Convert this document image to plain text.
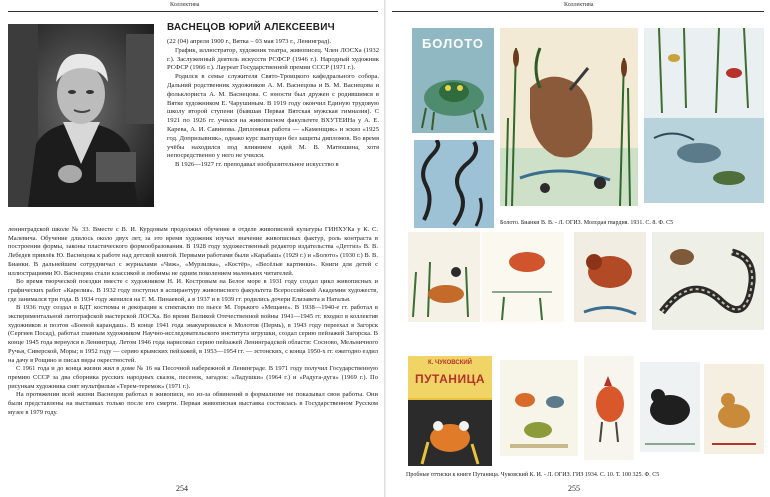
Коллектива
ВАСНЕЦОВ ЮРИЙ АЛЕКСЕЕВИЧ

(22 (04) апреля 1900 г., Вятка – 03 мая 1973 г., Ленинград).

График, иллюстратор, художник театра, живописец. Член ЛОСХа (1932 г.). Заслуженный деятель искусств РСФСР (1946 г.). Народный художник РСФСР (1966 г.). Лауреат Государственной премии СССР (1971 г.).

Родился в семье служителя Свято-Троицкого кафедрального собора. Дальний родственник художников А. М. Васнецова и В. М. Васнецова и фольклориста А. М. Васнецова. С юности был дружен с родившимся в Вятке художником Е. Чарушиным. В 1919 году окончил Единую трудовую школу второй ступени (бывшая Первая Вятская мужская гимназия). С 1921 по 1926 гг. учился на живописном факультете ВХУТЕИНа у А. Е. Карева, А. И. Савинова. Дипломная работа — «Каменщик» и эскиз «1925 год. Допризывник», однако курс выпущен без защиты дипломов. Во время учёбы находился под влиянием идей М. В. Матюшина, хотя непосредственно у него не учился.

В 1926—1927 гг. преподавал изобразительное искусство в

ленинградской школе № 33. Вместе с В. И. Курдовым продолжил обучение в отделе живописной культуры ГИНХУКа у К. С. Малевича. Обучение длилось около двух лет, за это время художник изучал значение живописных фактур, роль контраста в построении формы, законы пластического формообразования. В 1928 году художественный редактор издательства «Детгиз» В. В. Лебедев привлёк Ю. Васнецова к работе над детской книгой. Первыми работами были «Карабаш» (1929 г.) и «Болото» (1930 г.) В. В. Бианки. В дальнейшем сотрудничал с журналами «Чиж», «Мурзилка», «Костёр», «Весёлые картинки». Книги для детей с иллюстрациями Ю. Васнецова стали классикой и любимы не одним поколением маленьких читателей.

Во время творческой поездки вместе с художником Н. И. Костровым на Белое море в 1931 году создал цикл живописных и графических работ «Карелия». В 1932 году поступил в аспирантуру живописного факультета Всероссийской Академии художеств, где занимался три года. В 1934 году женился на Г. М. Пинаевой, а в 1937 и в 1939 гг. родились дочери Елизавета и Наталья.

В 1936 году создал в БДТ костюмы и декорации к спектаклю по пьесе М. Горького «Мещане». В 1938—1940-е гг. работал в экспериментальной литографской мастерской ЛОСХа. Во время Великой Отечественной войны 1941—1945 гг. входил в коллектив художников и поэтов «Боевой карандаш». В конце 1941 года эвакуировался в Молотов (Пермь), в 1943 году переехал в Загорск (Сергиев Посад), работал главным художником Научно-исследовательского института игрушки, создал серию пейзажей Загорска. В конце 1945 года вернулся в Ленинград. Летом 1946 года нарисовал серию пейзажей Ленинградской области: Сосново, Мельничного Ручья, Сиверской, Моры; в 1952 году — серию крымских пейзажей, в 1953—1954 гг. — эстонских, с конца 1950-х гг. ежегодно ездил на дачу в Рощино и писал виды окрестностей.

С 1961 года и до конца жизни жил в доме № 16 на Песочной набережной в Ленинграде. В 1971 году получил Государственную премию СССР за два сборника русских народных сказок, песенок, загадок: «Ладушки» (1964 г.) и «Радуга-дуга» (1969 г.). По рисункам художника снят мультфильм «Терем-теремок» (1971 г.).

На протяжении всей жизни Васнецов работал в живописи, но из-за обвинений в формализме не показывал свои работы. Они были представлены на выставках только после его смерти. Первая живописная выставка состоялась в Государственном Русском музее в 1979 году.

254
Коллектива
БОЛОТО
Болото. Бианки В. В. - Л. ОГИЗ. Молодая гвардия. 1931. С. 8. Ф. С5
К. ЧУКОВСКИЙ
ПУТАНИЦА
Пробные оттиски к книге Путаница. Чуковский К. И. - Л. ОГИЗ. ГИЗ 1934. С. 10. Т. 100 325. Ф. С5
255
